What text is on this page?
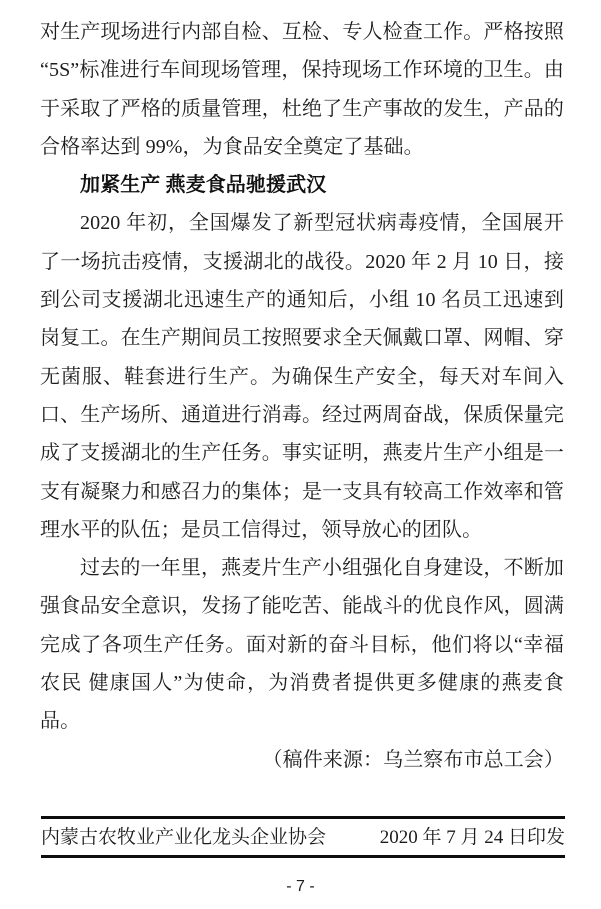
对生产现场进行内部自检、互检、专人检查工作。严格按照“5S”标准进行车间现场管理，保持现场工作环境的卫生。由于采取了严格的质量管理，杜绝了生产事故的发生，产品的合格率达到 99%，为食品安全奠定了基础。

加紧生产 燕麦食品驰援武汉

2020 年初，全国爆发了新型冠状病毒疫情，全国展开了一场抗击疫情，支援湖北的战役。2020 年 2 月 10 日，接到公司支援湖北迅速生产的通知后，小组 10 名员工迅速到岗复工。在生产期间员工按照要求全天佩戴口罩、网帽、穿无菌服、鞋套进行生产。为确保生产安全，每天对车间入口、生产场所、通道进行消毒。经过两周奋战，保质保量完成了支援湖北的生产任务。事实证明，燕麦片生产小组是一支有凝聚力和感召力的集体；是一支具有较高工作效率和管理水平的队伍；是员工信得过，领导放心的团队。

过去的一年里，燕麦片生产小组强化自身建设，不断加强食品安全意识，发扬了能吃苦、能战斗的优良作风，圆满完成了各项生产任务。面对新的奋斗目标，他们将以“幸福农民 健康国人”为使命，为消费者提供更多健康的燕麦食品。

（稿件来源：乌兰察布市总工会）

内蒙古农牧业产业化龙头企业协会	2020 年 7 月 24 日印发
- 7 -
